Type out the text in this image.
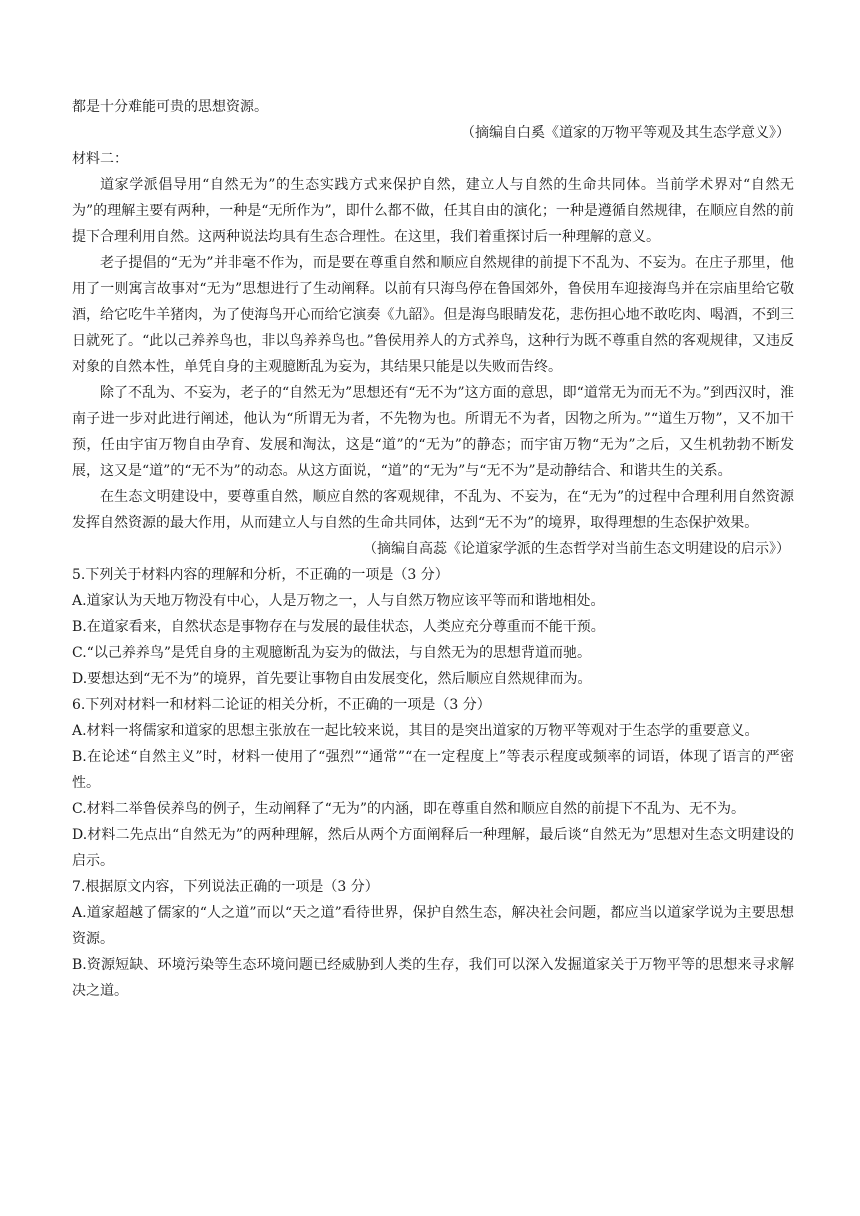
都是十分难能可贵的思想资源。

（摘编自白奚《道家的万物平等观及其生态学意义》）

材料二：

道家学派倡导用“自然无为”的生态实践方式来保护自然，建立人与自然的生命共同体。当前学术界对“自然无为”的理解主要有两种，一种是“无所作为”，即什么都不做，任其自由的演化；一种是遵循自然规律，在顺应自然的前提下合理利用自然。这两种说法均具有生态合理性。在这里，我们着重探讨后一种理解的意义。

老子提倡的“无为”并非毫不作为，而是要在尊重自然和顺应自然规律的前提下不乱为、不妄为。在庄子那里，他用了一则寓言故事对“无为”思想进行了生动阐释。以前有只海鸟停在鲁国郊外，鲁侯用车迎接海鸟并在宗庙里给它敬酒，给它吃牛羊猪肉，为了使海鸟开心而给它演奏《九韶》。但是海鸟眼睛发花，悲伤担心地不敢吃肉、喝酒，不到三日就死了。“此以己养养鸟也，非以鸟养养鸟也。”鲁侯用养人的方式养鸟，这种行为既不尊重自然的客观规律，又违反对象的自然本性，单凭自身的主观臆断乱为妄为，其结果只能是以失败而告终。

除了不乱为、不妄为，老子的“自然无为”思想还有“无不为”这方面的意思，即“道常无为而无不为。”到西汉时，淮南子进一步对此进行阐述，他认为“所谓无为者，不先物为也。所谓无不为者，因物之所为。”“道生万物”，又不加干预，任由宇宙万物自由孕育、发展和淘汰，这是“道”的“无为”的静态；而宇宙万物“无为”之后，又生机勃勃不断发展，这又是“道”的“无不为”的动态。从这方面说，“道”的“无为”与“无不为”是动静结合、和谐共生的关系。

在生态文明建设中，要尊重自然，顺应自然的客观规律，不乱为、不妄为，在“无为”的过程中合理利用自然资源发挥自然资源的最大作用，从而建立人与自然的生命共同体，达到“无不为”的境界，取得理想的生态保护效果。

（摘编自高蕊《论道家学派的生态哲学对当前生态文明建设的启示》）

5.下列关于材料内容的理解和分析，不正确的一项是（3 分）

A.道家认为天地万物没有中心，人是万物之一，人与自然万物应该平等而和谐地相处。

B.在道家看来，自然状态是事物存在与发展的最佳状态，人类应充分尊重而不能干预。

C.“以己养养鸟”是凭自身的主观臆断乱为妄为的做法，与自然无为的思想背道而驰。

D.要想达到“无不为”的境界，首先要让事物自由发展变化，然后顺应自然规律而为。

6.下列对材料一和材料二论证的相关分析，不正确的一项是（3 分）

A.材料一将儒家和道家的思想主张放在一起比较来说，其目的是突出道家的万物平等观对于生态学的重要意义。

B.在论述“自然主义”时，材料一使用了“强烈”“通常”“在一定程度上”等表示程度或频率的词语，体现了语言的严密性。

C.材料二举鲁侯养鸟的例子，生动阐释了“无为”的内涵，即在尊重自然和顺应自然的前提下不乱为、无不为。

D.材料二先点出“自然无为”的两种理解，然后从两个方面阐释后一种理解，最后谈“自然无为”思想对生态文明建设的启示。

7.根据原文内容，下列说法正确的一项是（3 分）

A.道家超越了儒家的“人之道”而以“天之道”看待世界，保护自然生态，解决社会问题，都应当以道家学说为主要思想资源。

B.资源短缺、环境污染等生态环境问题已经威胁到人类的生存，我们可以深入发掘道家关于万物平等的思想来寻求解决之道。
